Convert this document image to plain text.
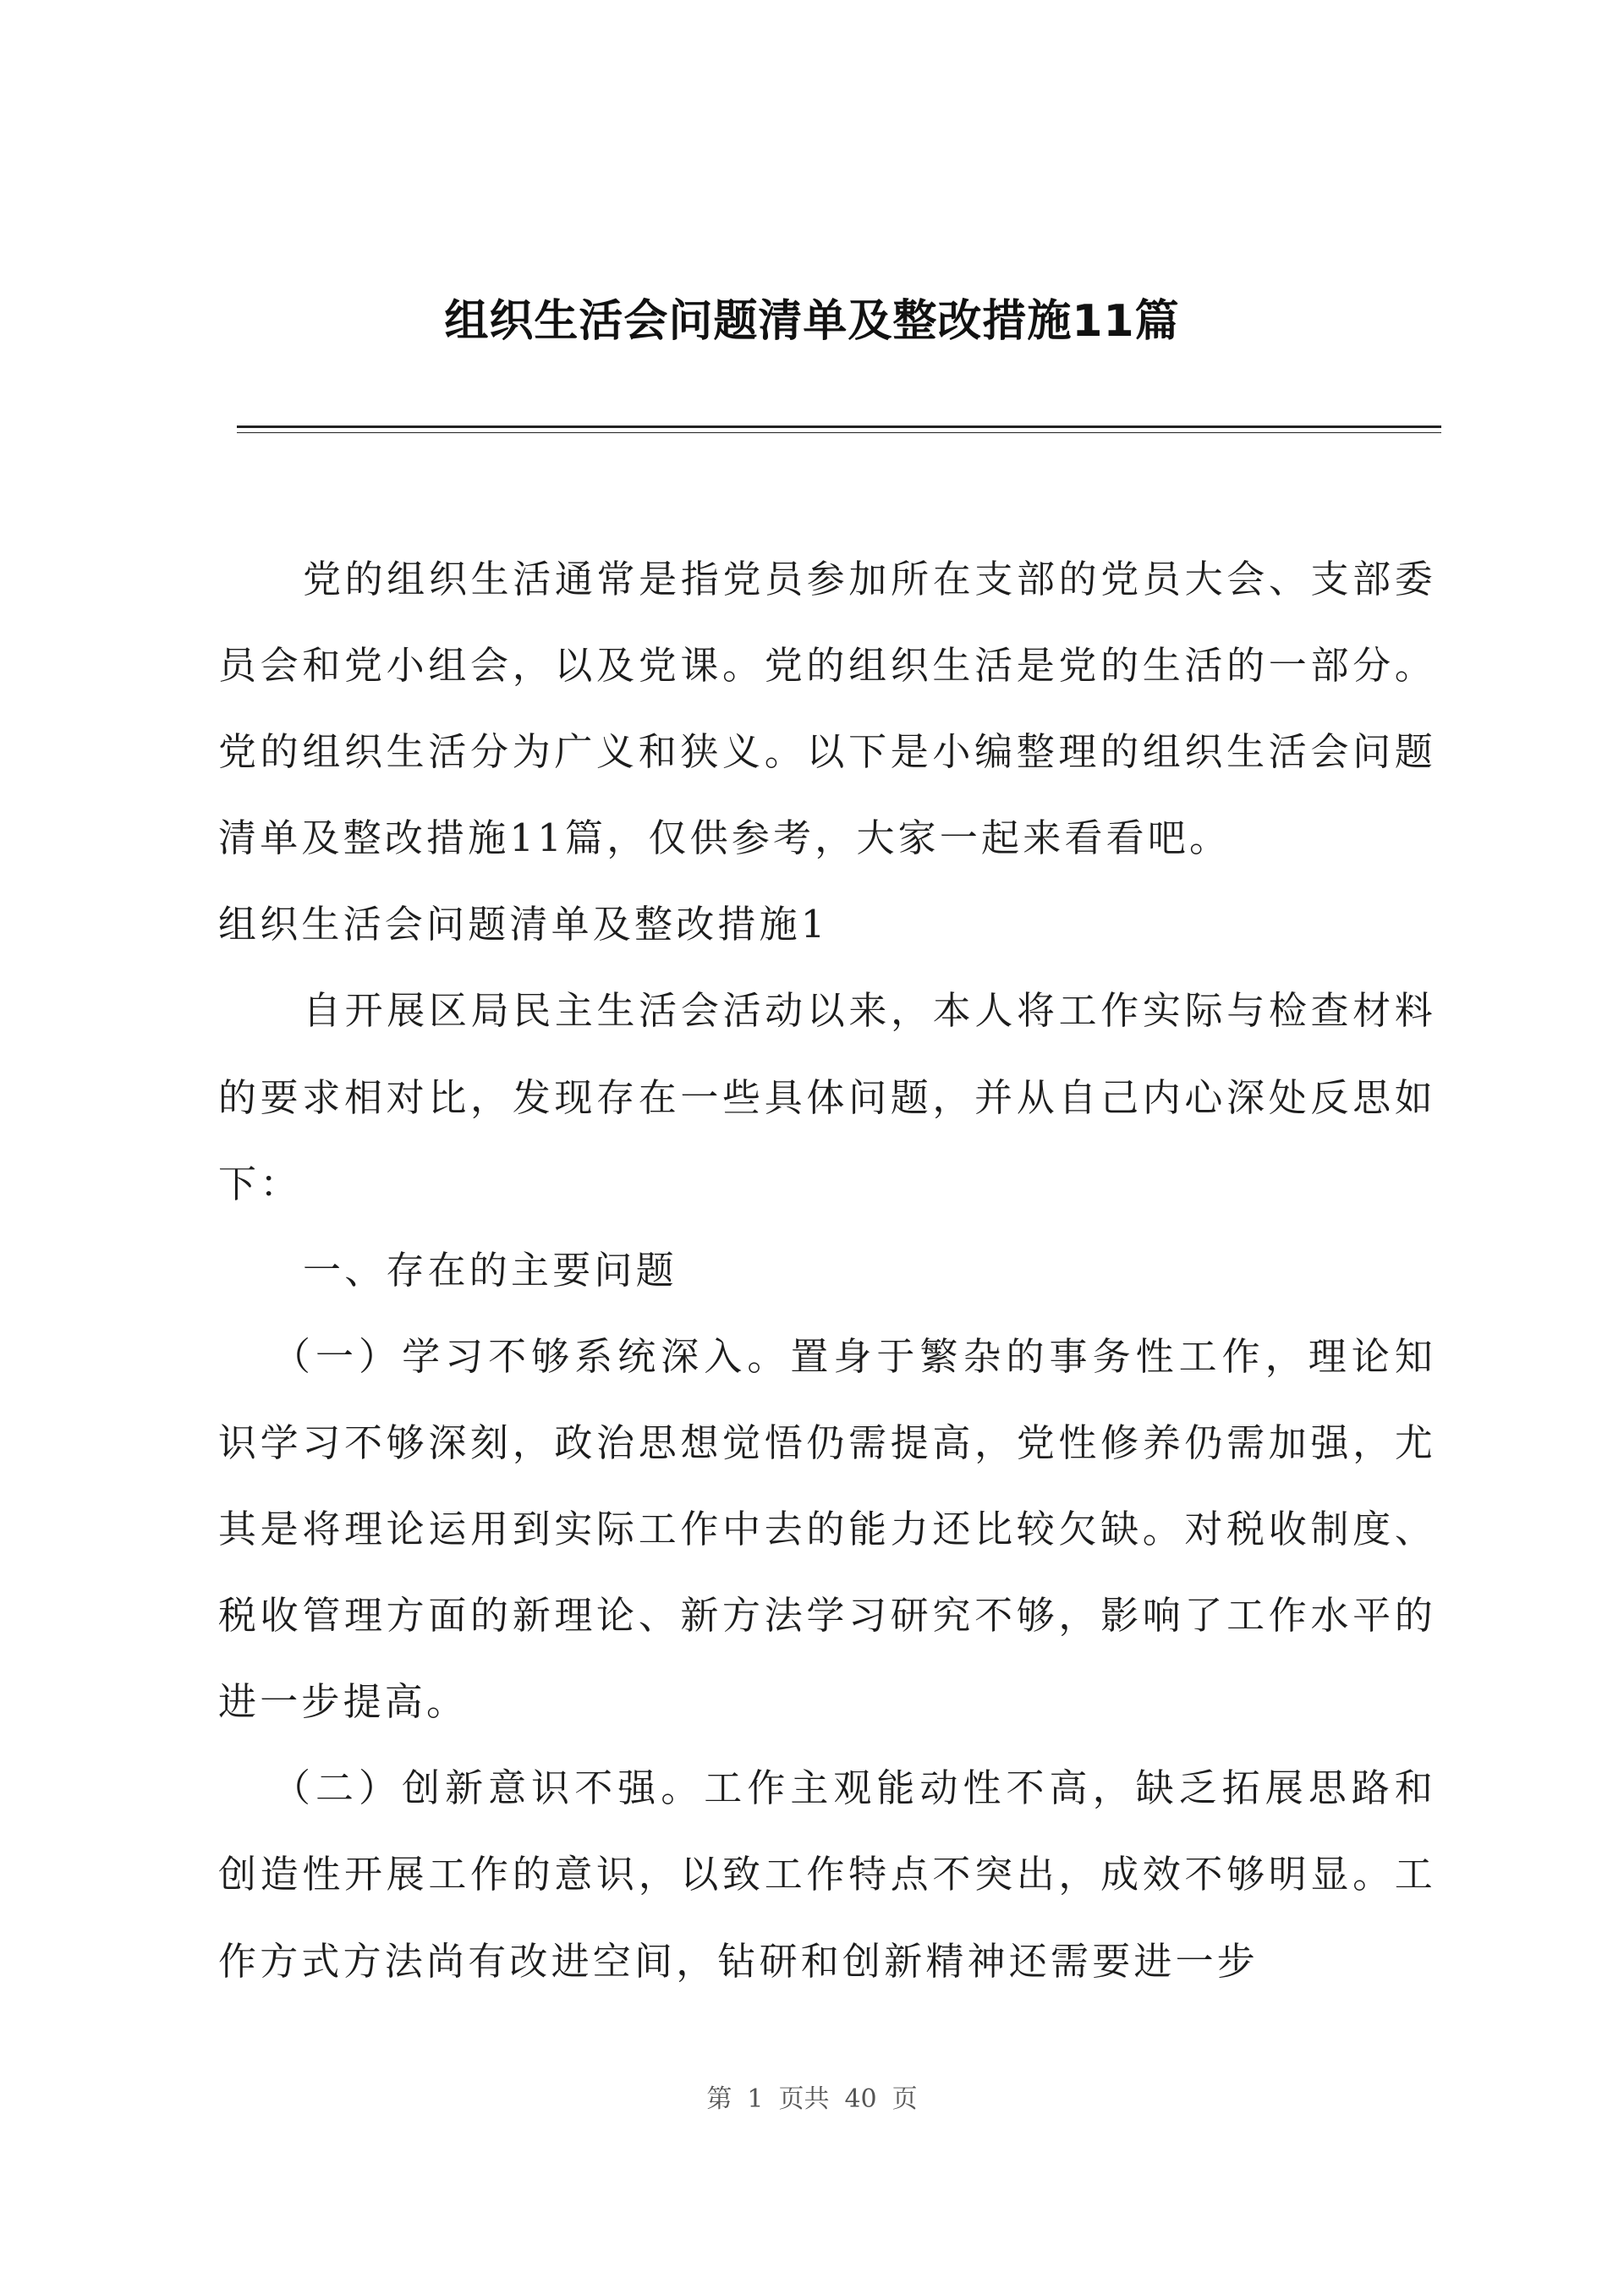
组织生活会问题清单及整改措施11篇

党的组织生活通常是指党员参加所在支部的党员大会、支部委员会和党小组会，以及党课。党的组织生活是党的生活的一部分。党的组织生活分为广义和狭义。以下是小编整理的组织生活会问题清单及整改措施11篇，仅供参考，大家一起来看看吧。

组织生活会问题清单及整改措施1

自开展区局民主生活会活动以来，本人将工作实际与检查材料的要求相对比，发现存在一些具体问题，并从自己内心深处反思如下：

一、存在的主要问题

（一）学习不够系统深入。置身于繁杂的事务性工作，理论知识学习不够深刻，政治思想觉悟仍需提高，党性修养仍需加强，尤其是将理论运用到实际工作中去的能力还比较欠缺。对税收制度、税收管理方面的新理论、新方法学习研究不够，影响了工作水平的进一步提高。

（二）创新意识不强。工作主观能动性不高，缺乏拓展思路和创造性开展工作的意识，以致工作特点不突出，成效不够明显。工作方式方法尚有改进空间，钻研和创新精神还需要进一步

第 1 页共 40 页
